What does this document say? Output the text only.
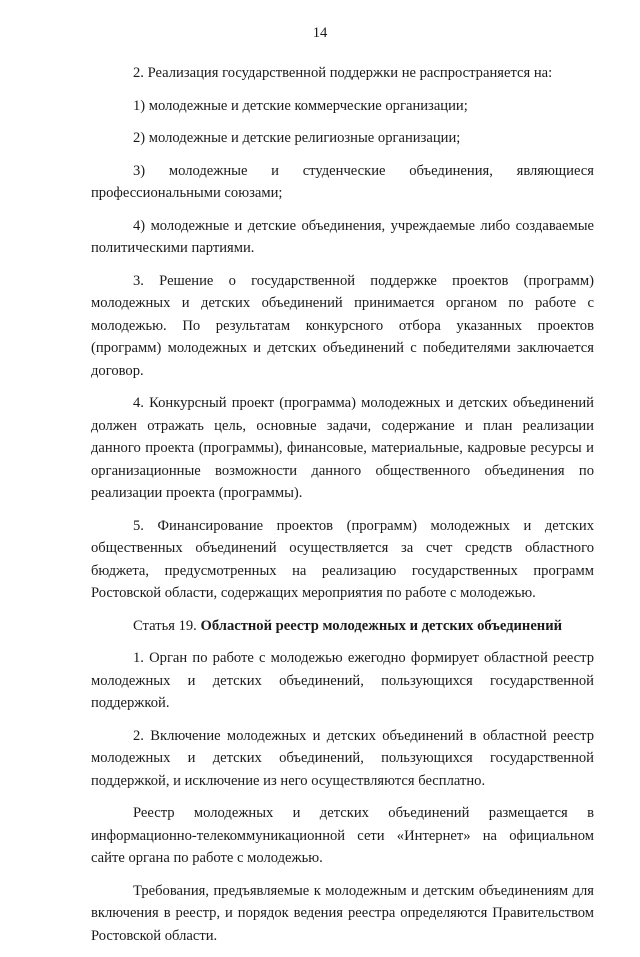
14

2. Реализация государственной поддержки не распространяется на:

1) молодежные и детские коммерческие организации;

2) молодежные и детские религиозные организации;

3) молодежные и студенческие объединения, являющиеся профессиональными союзами;

4) молодежные и детские объединения, учреждаемые либо создаваемые политическими партиями.

3. Решение о государственной поддержке проектов (программ) молодежных и детских объединений принимается органом по работе с молодежью. По результатам конкурсного отбора указанных проектов (программ) молодежных и детских объединений с победителями заключается договор.

4. Конкурсный проект (программа) молодежных и детских объединений должен отражать цель, основные задачи, содержание и план реализации данного проекта (программы), финансовые, материальные, кадровые ресурсы и организационные возможности данного общественного объединения по реализации проекта (программы).

5. Финансирование проектов (программ) молодежных и детских общественных объединений осуществляется за счет средств областного бюджета, предусмотренных на реализацию государственных программ Ростовской области, содержащих мероприятия по работе с молодежью.

Статья 19. Областной реестр молодежных и детских объединений

1. Орган по работе с молодежью ежегодно формирует областной реестр молодежных и детских объединений, пользующихся государственной поддержкой.

2. Включение молодежных и детских объединений в областной реестр молодежных и детских объединений, пользующихся государственной поддержкой, и исключение из него осуществляются бесплатно.

Реестр молодежных и детских объединений размещается в информационно-телекоммуникационной сети «Интернет» на официальном сайте органа по работе с молодежью.

Требования, предъявляемые к молодежным и детским объединениям для включения в реестр, и порядок ведения реестра определяются Правительством Ростовской области.
